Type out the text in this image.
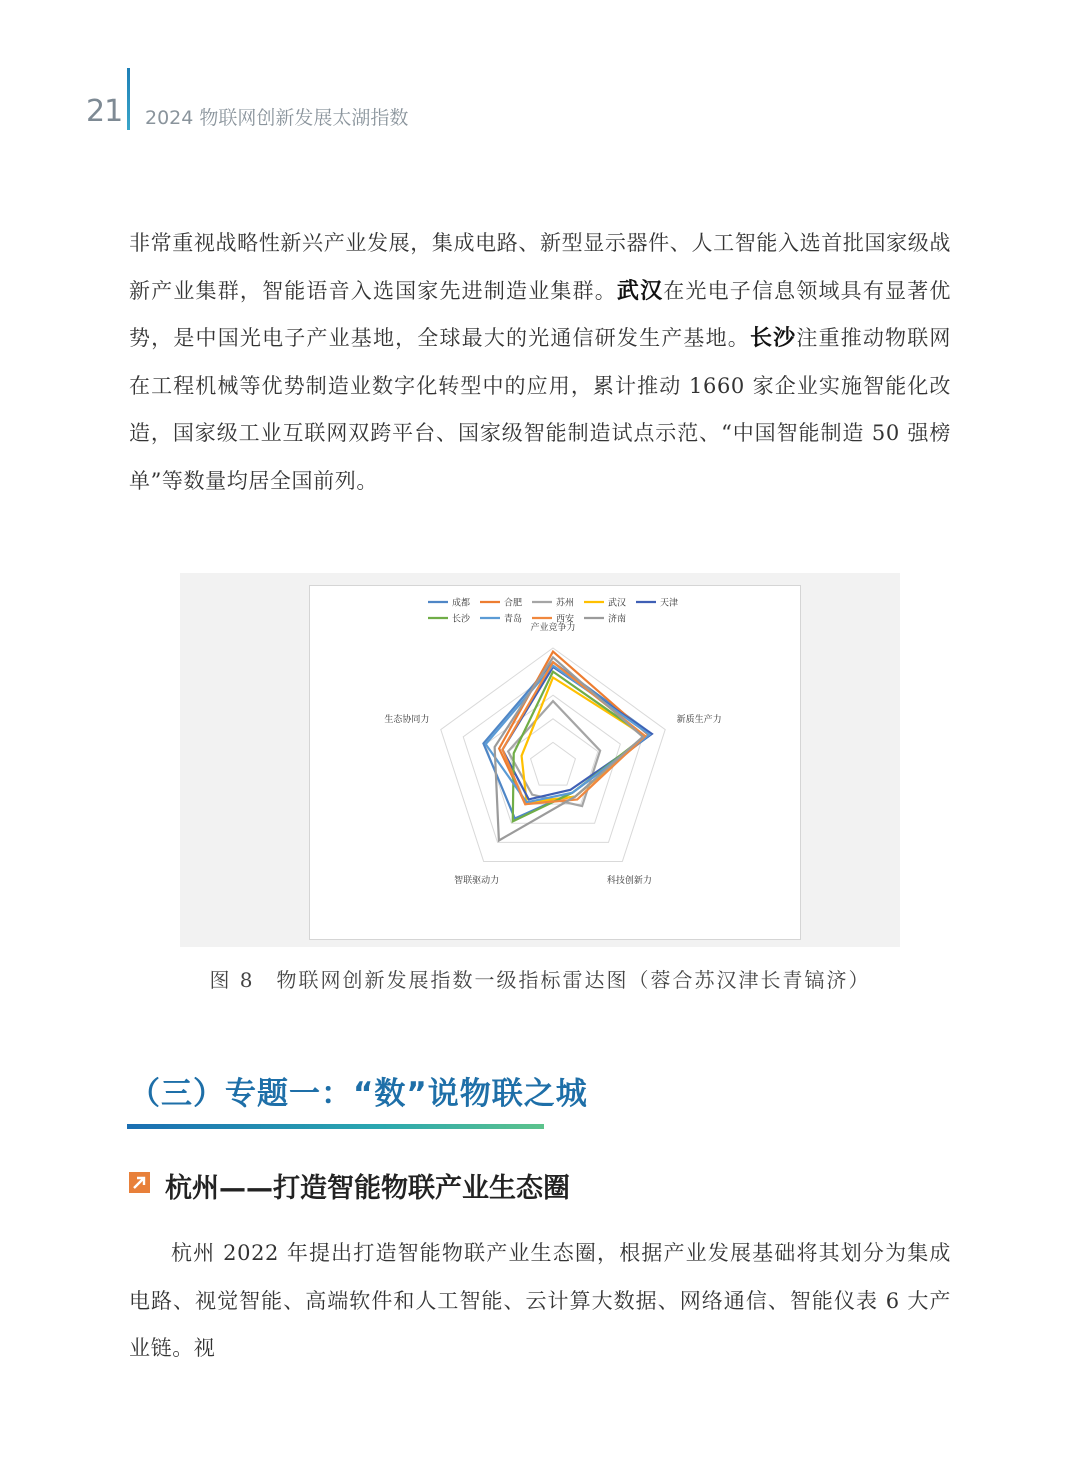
21 2024 物联网创新发展太湖指数
非常重视战略性新兴产业发展，集成电路、新型显示器件、人工智能入选首批国家级战新产业集群，智能语音入选国家先进制造业集群。武汉在光电子信息领域具有显著优势，是中国光电子产业基地，全球最大的光通信研发生产基地。长沙注重推动物联网在工程机械等优势制造业数字化转型中的应用，累计推动 1660 家企业实施智能化改造，国家级工业互联网双跨平台、国家级智能制造试点示范、“中国智能制造 50 强榜单”等数量均居全国前列。
成都	合肥	苏州	武汉	天津
长沙	青岛	西安	济南
产业竞争力
新质生产力
科技创新力
智联驱动力
生态协同力
图 8　物联网创新发展指数一级指标雷达图（蓉合苏汉津长青镐济）
（三）专题一：“数”说物联之城
杭州——打造智能物联产业生态圈
杭州 2022 年提出打造智能物联产业生态圈，根据产业发展基础将其划分为集成电路、视觉智能、高端软件和人工智能、云计算大数据、网络通信、智能仪表 6 大产业链。视
